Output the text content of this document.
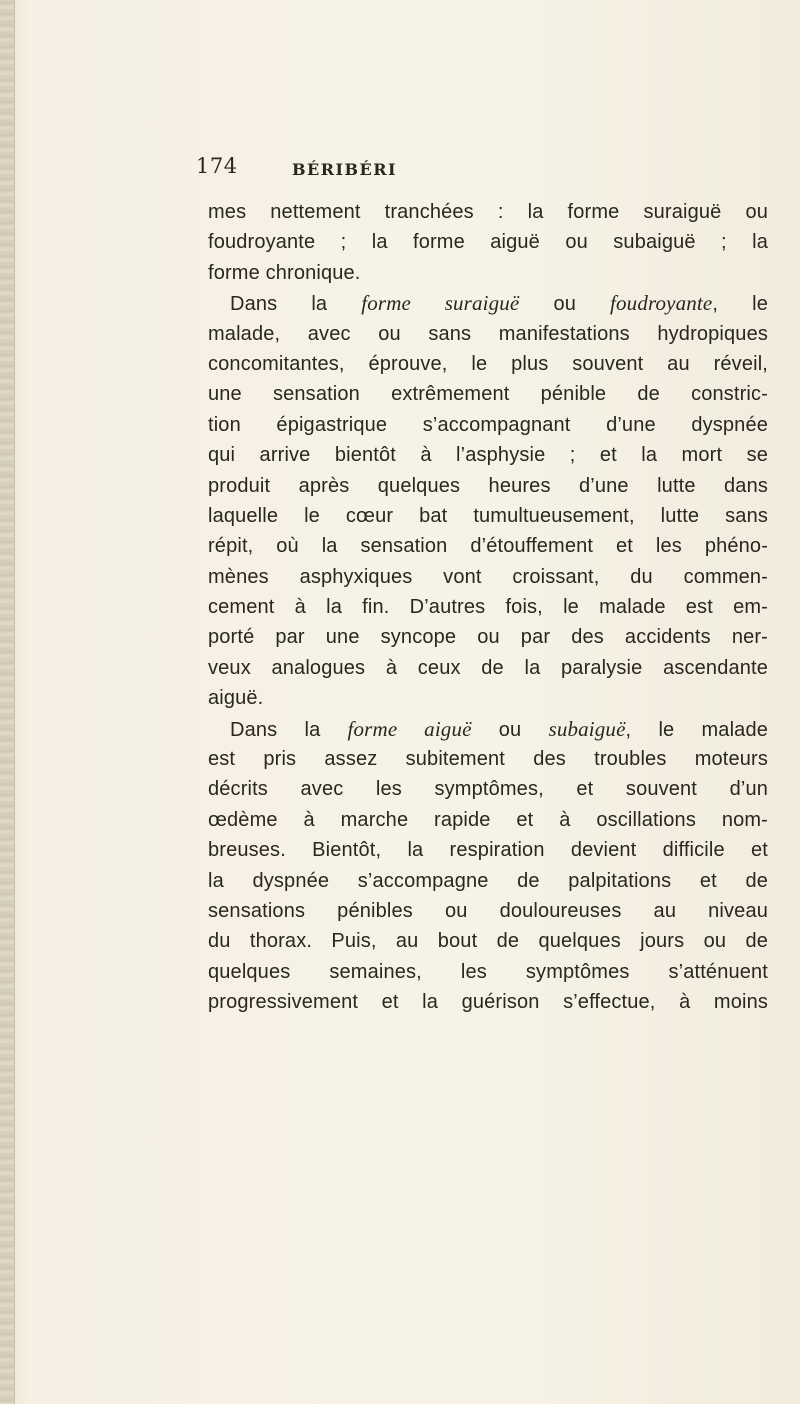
174	BÉRIBÉRI
mes nettement tranchées : la forme suraiguë ou
foudroyante ; la forme aiguë ou subaiguë ; la
forme chronique.
Dans la forme suraiguë ou foudroyante, le
malade, avec ou sans manifestations hydropiques
concomitantes, éprouve, le plus souvent au réveil,
une sensation extrêmement pénible de constric-
tion épigastrique s’accompagnant d’une dyspnée
qui arrive bientôt à l’asphysie ; et la mort se
produit après quelques heures d’une lutte dans
laquelle le cœur bat tumultueusement, lutte sans
répit, où la sensation d’étouffement et les phéno-
mènes asphyxiques vont croissant, du commen-
cement à la fin. D’autres fois, le malade est em-
porté par une syncope ou par des accidents ner-
veux analogues à ceux de la paralysie ascendante
aiguë.
Dans la forme aiguë ou subaiguë, le malade
est pris assez subitement des troubles moteurs
décrits avec les symptômes, et souvent d’un
œdème à marche rapide et à oscillations nom-
breuses. Bientôt, la respiration devient difficile et
la dyspnée s’accompagne de palpitations et de
sensations pénibles ou douloureuses au niveau
du thorax. Puis, au bout de quelques jours ou de
quelques semaines, les symptômes s’atténuent
progressivement et la guérison s’effectue, à moins
